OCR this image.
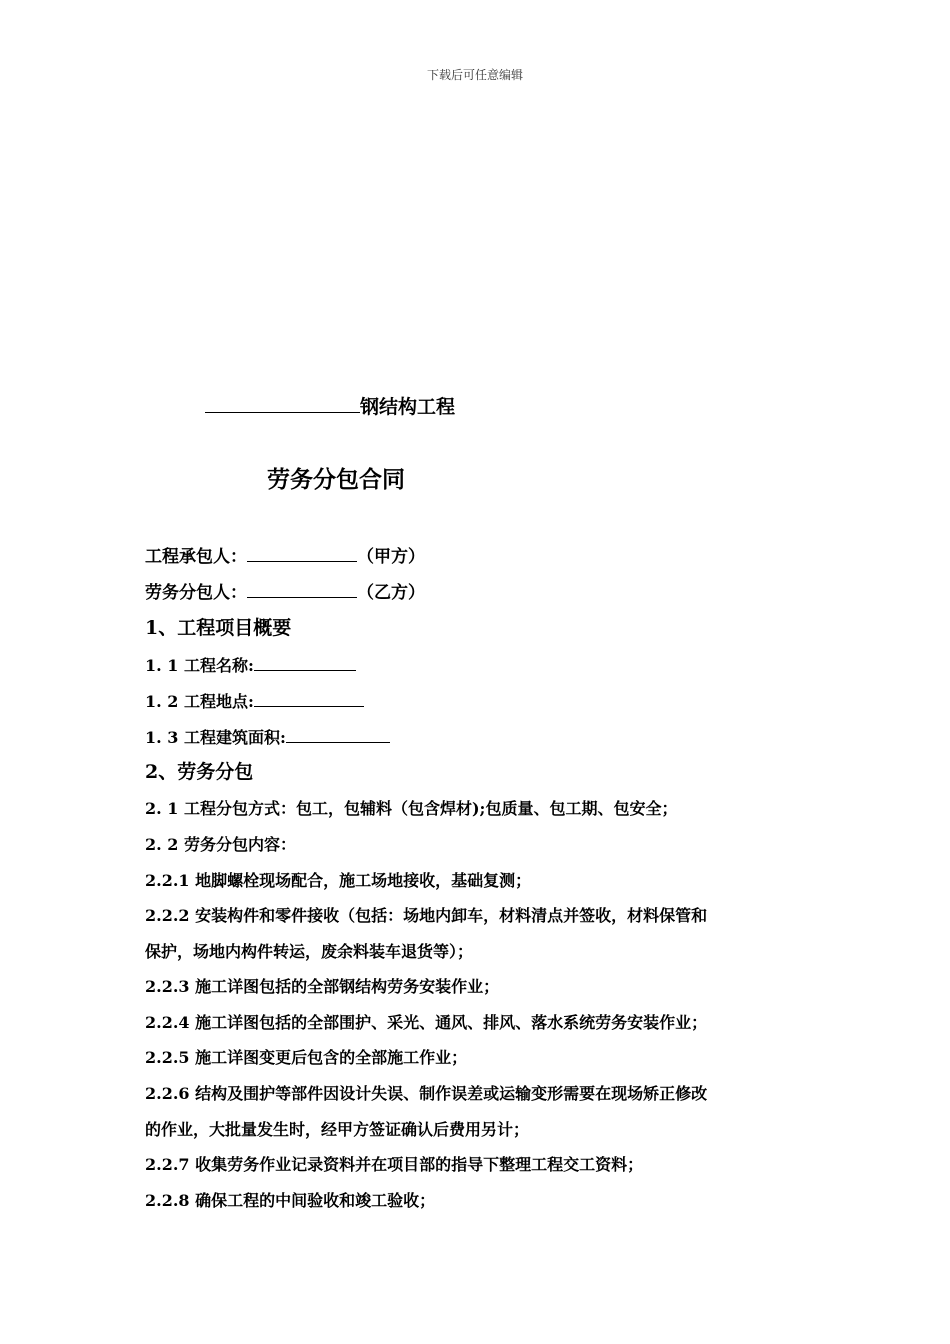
下载后可任意编辑
钢结构工程
劳务分包合同
工程承包人：	（甲方）
劳务分包人：	（乙方）
1、工程项目概要
1. 1 工程名称:
1. 2 工程地点:
1. 3 工程建筑面积:
2、劳务分包
2. 1 工程分包方式：包工，包辅料（包含焊材);包质量、包工期、包安全；
2. 2 劳务分包内容：
2.2.1 地脚螺栓现场配合，施工场地接收，基础复测；
2.2.2 安装构件和零件接收（包括：场地内卸车，材料清点并签收，材料保管和
保护，场地内构件转运，废余料装车退货等）；
2.2.3 施工详图包括的全部钢结构劳务安装作业；
2.2.4 施工详图包括的全部围护、采光、通风、排风、落水系统劳务安装作业；
2.2.5 施工详图变更后包含的全部施工作业；
2.2.6 结构及围护等部件因设计失误、制作误差或运输变形需要在现场矫正修改
的作业，大批量发生时，经甲方签证确认后费用另计；
2.2.7 收集劳务作业记录资料并在项目部的指导下整理工程交工资料；
2.2.8 确保工程的中间验收和竣工验收；
